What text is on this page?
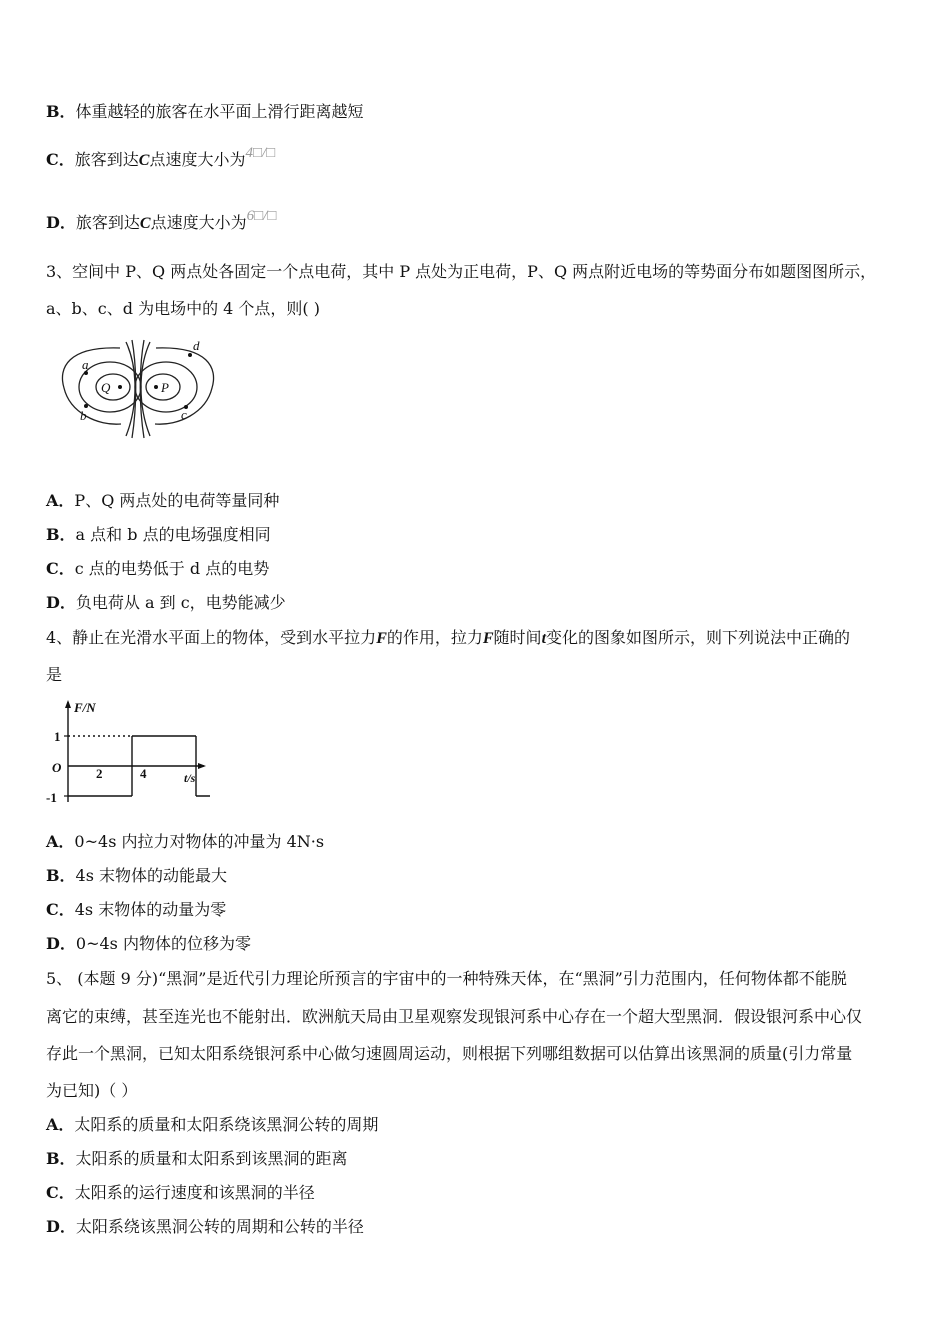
B．体重越轻的旅客在水平面上滑行距离越短
C．旅客到达C点速度大小为4□/□
D．旅客到达C点速度大小为6□/□
3、空间中 P、Q 两点处各固定一个点电荷，其中 P 点处为正电荷，P、Q 两点附近电场的等势面分布如题图图所示，
a、b、c、d 为电场中的 4 个点，则( )
Q	P
a
b	c
d
A．P、Q 两点处的电荷等量同种
B．a 点和 b 点的电场强度相同
C．c 点的电势低于 d 点的电势
D．负电荷从 a 到 c，电势能减少
4、静止在光滑水平面上的物体，受到水平拉力F的作用，拉力F随时间t变化的图象如图所示，则下列说法中正确的
是
F/N
t/s
O
1
-1
2	4
A．0~4s 内拉力对物体的冲量为 4N·s
B．4s 末物体的动能最大
C．4s 末物体的动量为零
D．0~4s 内物体的位移为零
5、 (本题 9 分)“黑洞”是近代引力理论所预言的宇宙中的一种特殊天体，在“黑洞”引力范围内，任何物体都不能脱
离它的束缚，甚至连光也不能射出．欧洲航天局由卫星观察发现银河系中心存在一个超大型黑洞．假设银河系中心仅
存此一个黑洞，已知太阳系绕银河系中心做匀速圆周运动，则根据下列哪组数据可以估算出该黑洞的质量(引力常量
为已知)（ ）
A．太阳系的质量和太阳系绕该黑洞公转的周期
B．太阳系的质量和太阳系到该黑洞的距离
C．太阳系的运行速度和该黑洞的半径
D．太阳系绕该黑洞公转的周期和公转的半径
